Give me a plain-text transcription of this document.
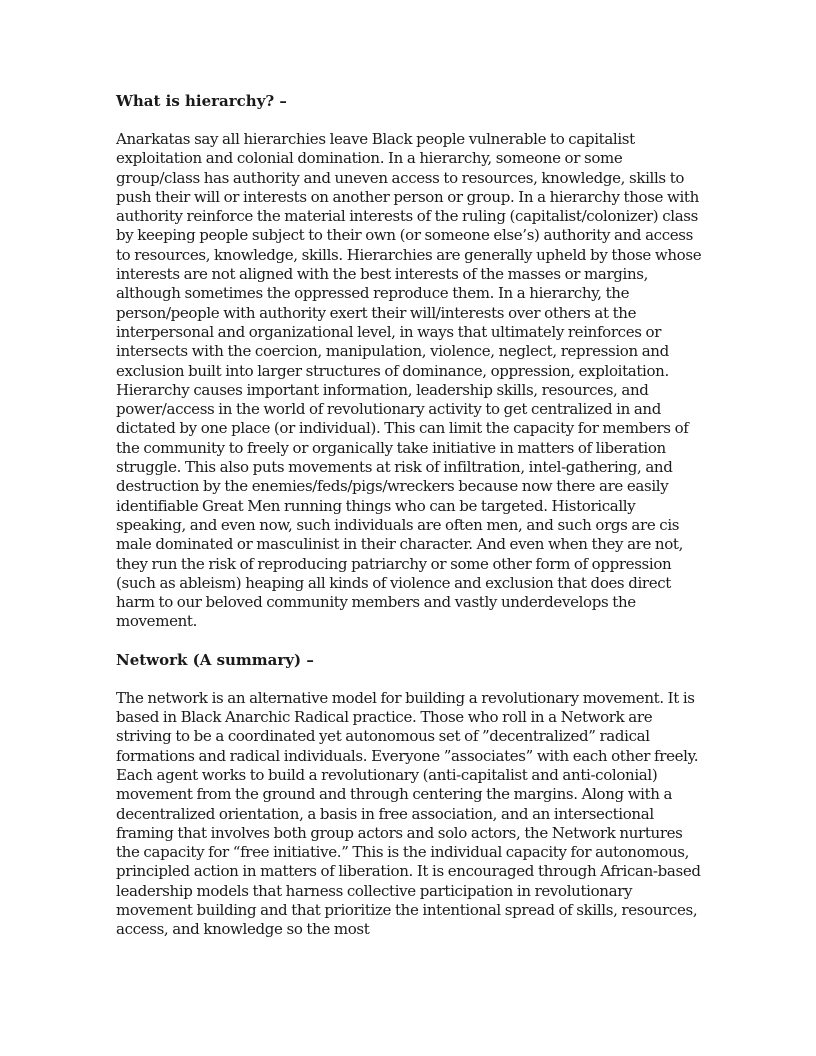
What is hierarchy? –

Anarkatas say all hierarchies leave Black people vulnerable to capitalist exploitation and colonial domination. In a hierarchy, someone or some group/class has authority and uneven access to resources, knowledge, skills to push their will or interests on another person or group. In a hierarchy those with authority reinforce the material interests of the ruling (capitalist/colonizer) class by keeping people subject to their own (or someone else’s) authority and access to resources, knowledge, skills. Hierarchies are generally upheld by those whose interests are not aligned with the best interests of the masses or margins, although sometimes the oppressed reproduce them. In a hierarchy, the person/people with authority exert their will/interests over others at the interpersonal and organizational level, in ways that ultimately reinforces or intersects with the coercion, manipulation, violence, neglect, repression and exclusion built into larger structures of dominance, oppression, exploitation. Hierarchy causes important information, leadership skills, resources, and power/access in the world of revolutionary activity to get centralized in and dictated by one place (or individual). This can limit the capacity for members of the community to freely or organically take initiative in matters of liberation struggle. This also puts movements at risk of infiltration, intel-gathering, and destruction by the enemies/feds/pigs/wreckers because now there are easily identifiable Great Men running things who can be targeted. Historically speaking, and even now, such individuals are often men, and such orgs are cis male dominated or masculinist in their character. And even when they are not, they run the risk of reproducing patriarchy or some other form of oppression (such as ableism) heaping all kinds of violence and exclusion that does direct harm to our beloved community members and vastly underdevelops the movement.

Network (A summary) –

The network is an alternative model for building a revolutionary movement. It is based in Black Anarchic Radical practice. Those who roll in a Network are striving to be a coordinated yet autonomous set of ”decentralized” radical formations and radical individuals. Everyone ”associates” with each other freely. Each agent works to build a revolutionary (anti-capitalist and anti-colonial) movement from the ground and through centering the margins. Along with a decentralized orientation, a basis in free association, and an intersectional framing that involves both group actors and solo actors, the Network nurtures the capacity for “free initiative.” This is the individual capacity for autonomous, principled action in matters of liberation. It is encouraged through African-based leadership models that harness collective participation in revolutionary movement building and that prioritize the intentional spread of skills, resources, access, and knowledge so the most
